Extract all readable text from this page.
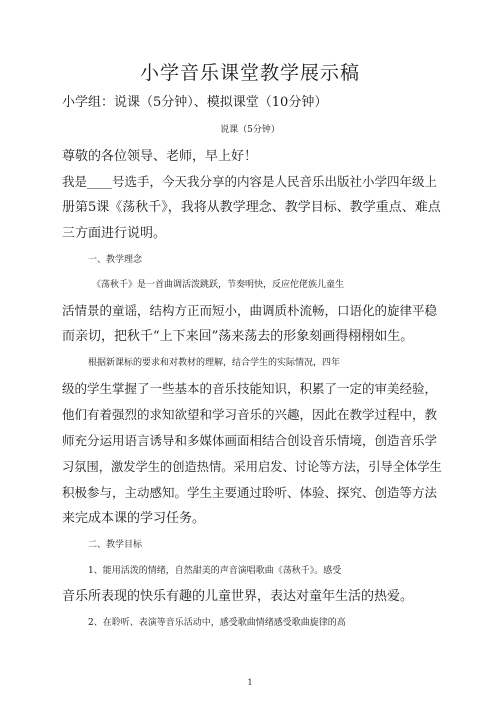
小学音乐课堂教学展示稿
小学组：说课（5分钟）、模拟课堂（10分钟）
说课（5分钟）
尊敬的各位领导、老师，早上好！
我是____号选手，今天我分享的内容是人民音乐出版社小学四年级上
册第5课《荡秋千》，我将从教学理念、教学目标、教学重点、难点
三方面进行说明。
一、教学理念
《荡秋千》是一首曲调活泼跳跃，节奏明快，反应佗佬族儿童生
活情景的童谣，结构方正而短小，曲调质朴流畅，口语化的旋律平稳
而亲切，把秋千“上下来回”荡来荡去的形象刻画得栩栩如生。
根据新课标的要求和对教材的理解，结合学生的实际情况，四年
级的学生掌握了一些基本的音乐技能知识，积累了一定的审美经验，
他们有着强烈的求知欲望和学习音乐的兴趣，因此在教学过程中，教
师充分运用语言诱导和多媒体画面相结合创设音乐情境，创造音乐学
习氛围，激发学生的创造热情。采用启发、讨论等方法，引导全体学生
积极参与，主动感知。学生主要通过聆听、体验、探究、创造等方法
来完成本课的学习任务。
二、教学目标
1、能用活泼的情绪，自然甜美的声音演唱歌曲《荡秋千》。感受
音乐所表现的快乐有趣的儿童世界，表达对童年生活的热爱。
2、在聆听、表演等音乐活动中，感受歌曲情绪感受歌曲旋律的高
1
